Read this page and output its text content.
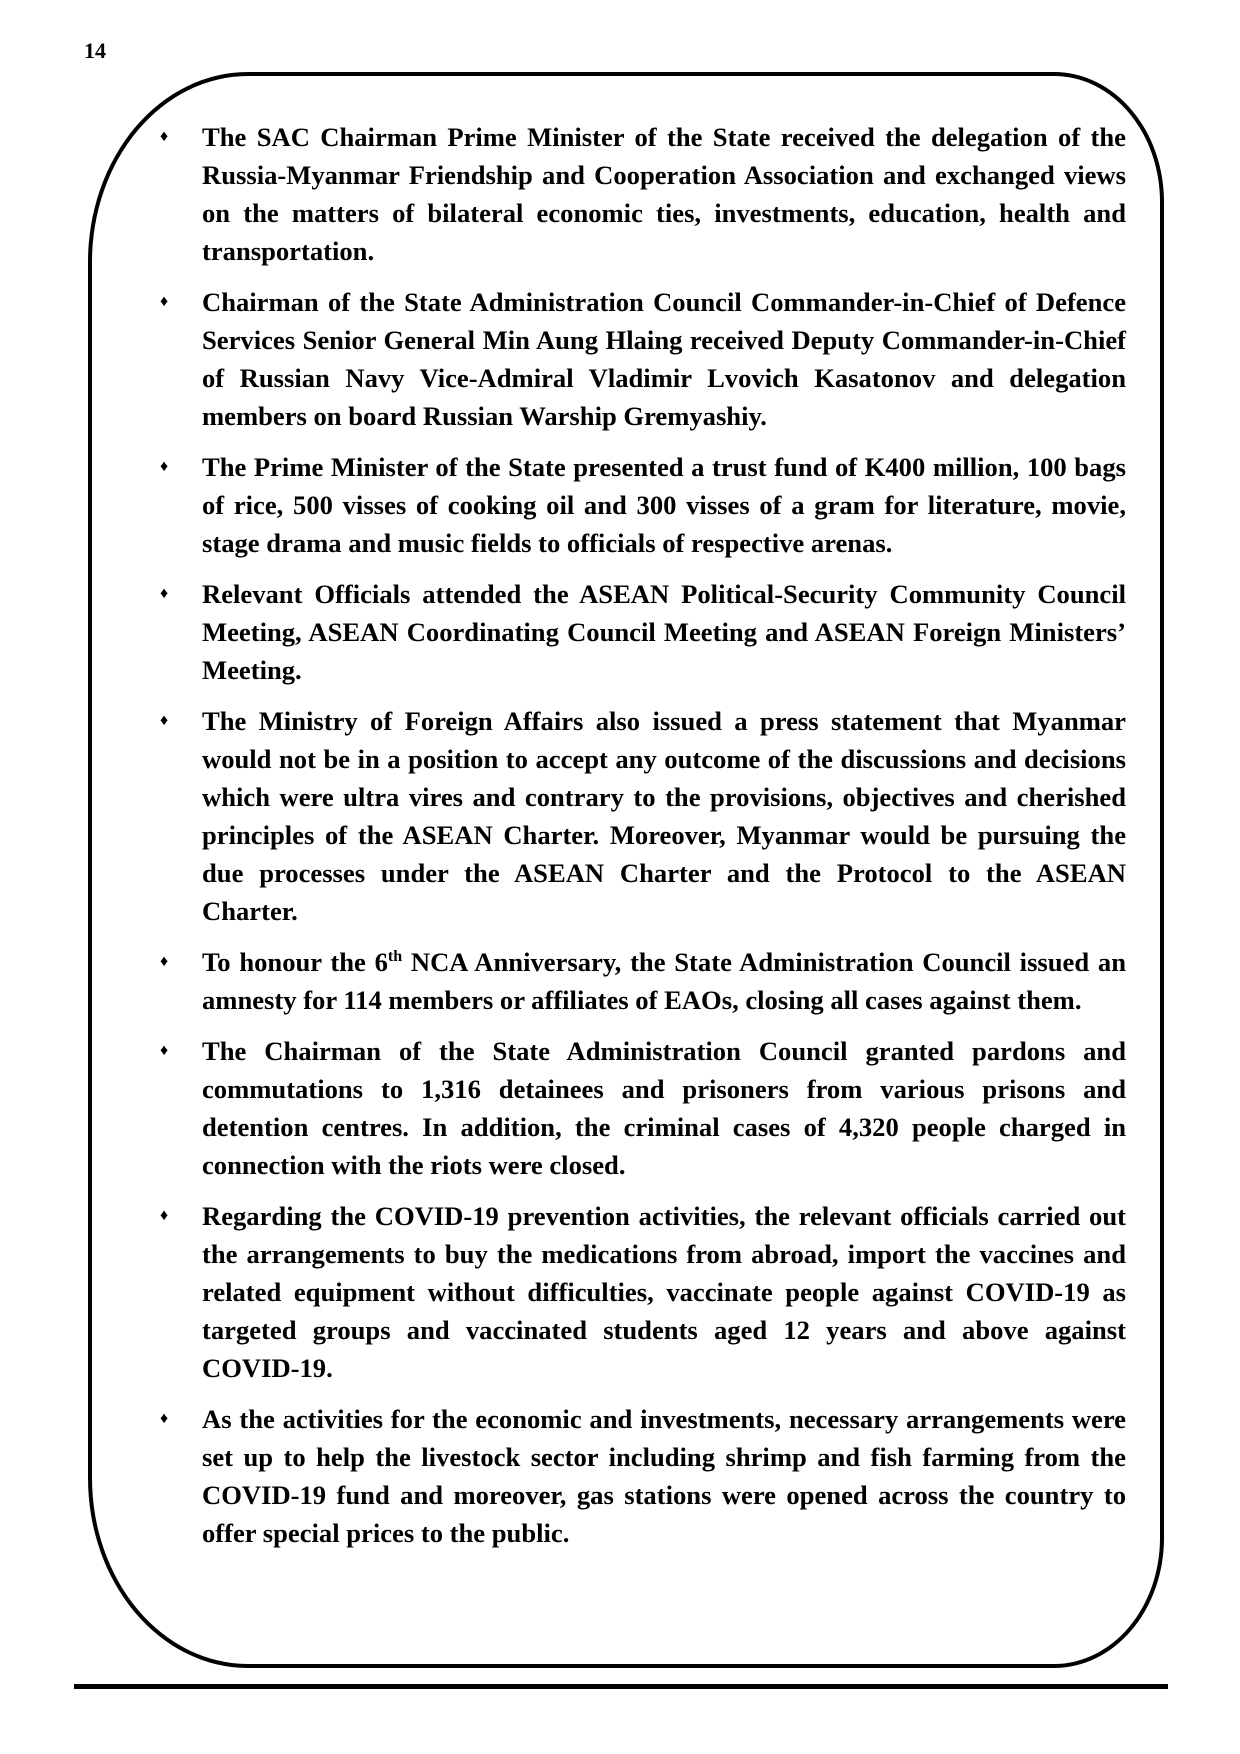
14
♦ The SAC Chairman Prime Minister of the State received the delegation of the Russia-Myanmar Friendship and Cooperation Association and exchanged views on the matters of bilateral economic ties, investments, education, health and transportation.
♦ Chairman of the State Administration Council Commander-in-Chief of Defence Services Senior General Min Aung Hlaing received Deputy Commander-in-Chief of Russian Navy Vice-Admiral Vladimir Lvovich Kasatonov and delegation members on board Russian Warship Gremyashiy.
♦ The Prime Minister of the State presented a trust fund of K400 million, 100 bags of rice, 500 visses of cooking oil and 300 visses of a gram for literature, movie, stage drama and music fields to officials of respective arenas.
♦ Relevant Officials attended the ASEAN Political-Security Community Council Meeting, ASEAN Coordinating Council Meeting and ASEAN Foreign Ministers’ Meeting.
♦ The Ministry of Foreign Affairs also issued a press statement that Myanmar would not be in a position to accept any outcome of the discussions and decisions which were ultra vires and contrary to the provisions, objectives and cherished principles of the ASEAN Charter. Moreover, Myanmar would be pursuing the due processes under the ASEAN Charter and the Protocol to the ASEAN Charter.
♦ To honour the 6th NCA Anniversary, the State Administration Council issued an amnesty for 114 members or affiliates of EAOs, closing all cases against them.
♦ The Chairman of the State Administration Council granted pardons and commutations to 1,316 detainees and prisoners from various prisons and detention centres. In addition, the criminal cases of 4,320 people charged in connection with the riots were closed.
♦ Regarding the COVID-19 prevention activities, the relevant officials carried out the arrangements to buy the medications from abroad, import the vaccines and related equipment without difficulties, vaccinate people against COVID-19 as targeted groups and vaccinated students aged 12 years and above against COVID-19.
♦ As the activities for the economic and investments, necessary arrangements were set up to help the livestock sector including shrimp and fish farming from the COVID-19 fund and moreover, gas stations were opened across the country to offer special prices to the public.
